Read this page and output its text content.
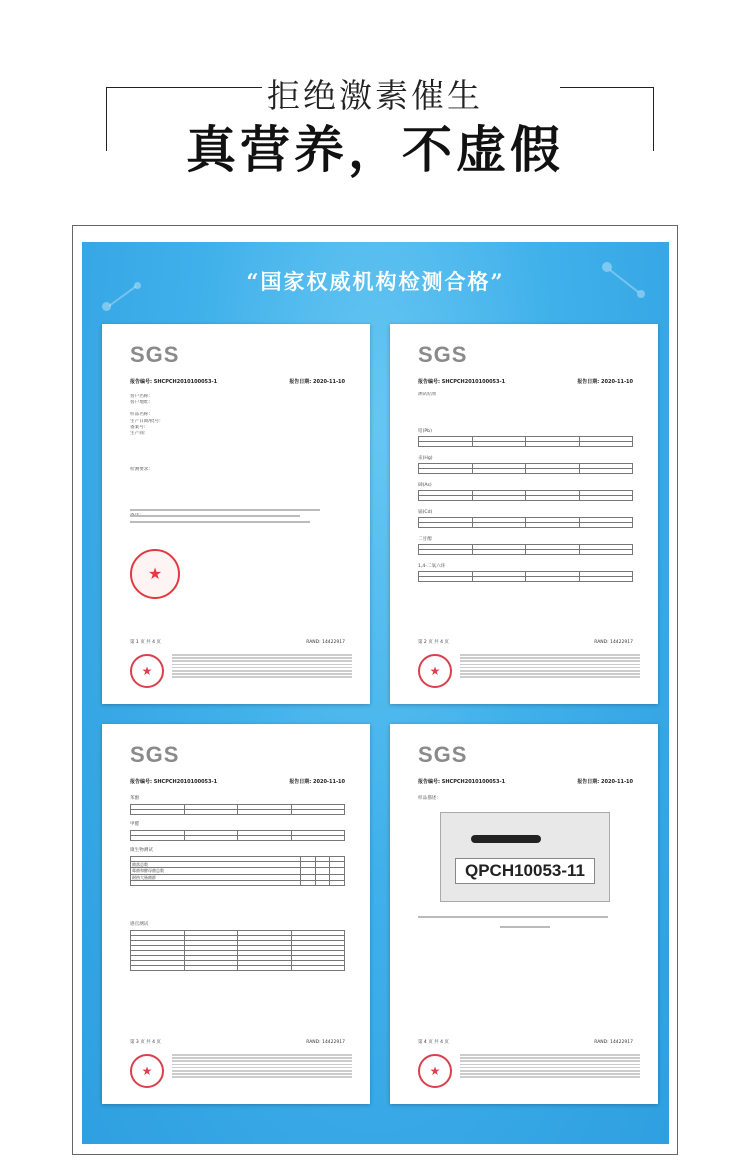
拒绝激素催生
真营养，不虚假
“国家权威机构检测合格”
SGS
报告编号: SHCPCH2010100053-1	报告日期: 2020-11-10
客户名称:
客户地址:
样品名称:
生产日期/批号:
备案号:
生产商:
检测要求:
★
第 1 页 共 4 页	RAND: 14422917
★
SGS
报告编号: SHCPCH2010100053-1	报告日期: 2020-11-10
测试结果
铅(Pb)

汞(Hg)

砷(As)

镉(Cd)

二甘醇

1,4-二氧六环

第 2 页 共 4 页	RAND: 14422917
★
SGS
报告编号: SHCPCH2010100053-1	报告日期: 2020-11-10
苯酚

甲醛

微生物测试

菌落总数			
霉菌和酵母菌总数			
耐热大肠菌群			

感官测试

第 3 页 共 4 页	RAND: 14422917
★
SGS
报告编号: SHCPCH2010100053-1	报告日期: 2020-11-10
样品描述:
QPCH10053-11
第 4 页 共 4 页	RAND: 14422917
★
